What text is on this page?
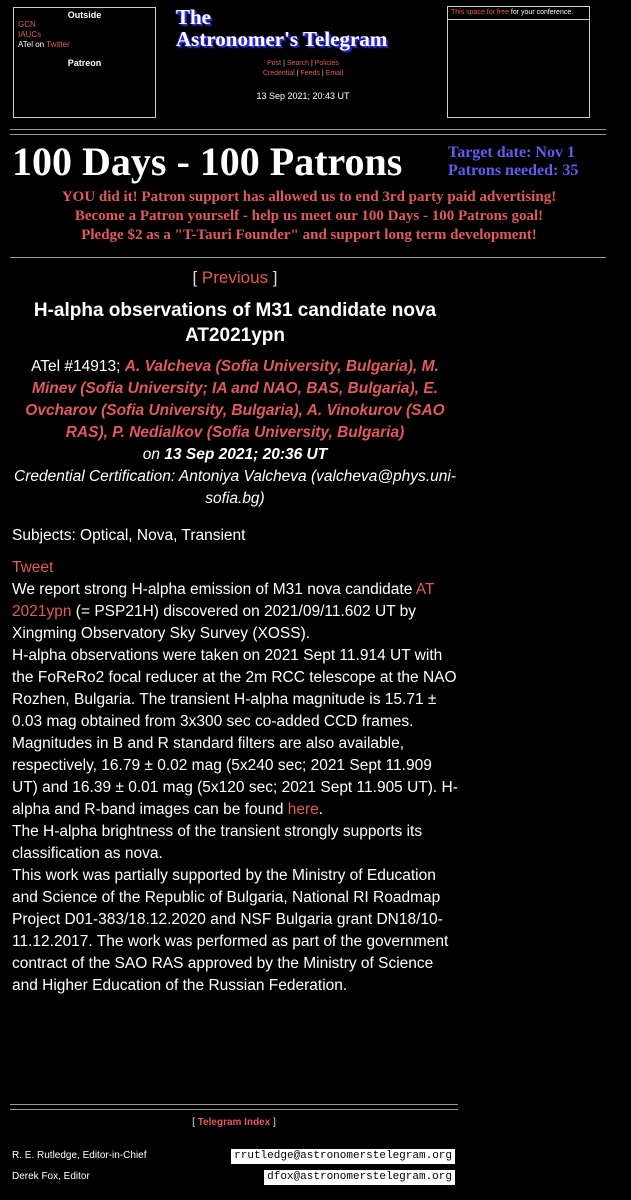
Outside
GCN
IAUCs
ATel on Twitter
Patreon
The
Astronomer's Telegram
Post | Search | Policies
Credential | Feeds | Email
13 Sep 2021; 20:43 UT
This space for free for your conference.
100 Days - 100 Patrons	Target date: Nov 1
Patrons needed: 35
YOU did it! Patron support has allowed us to end 3rd party paid advertising!
Become a Patron yourself - help us meet our 100 Days - 100 Patrons goal!
Pledge $2 as a "T-Tauri Founder" and support long term development!
[ Previous ]
H-alpha observations of M31 candidate nova AT2021ypn
ATel #14913; A. Valcheva (Sofia University, Bulgaria), M. Minev (Sofia University; IA and NAO, BAS, Bulgaria), E. Ovcharov (Sofia University, Bulgaria), A. Vinokurov (SAO RAS), P. Nedialkov (Sofia University, Bulgaria)
on 13 Sep 2021; 20:36 UT
Credential Certification: Antoniya Valcheva (valcheva@phys.uni-sofia.bg)

Subjects: Optical, Nova, Transient

Tweet

We report strong H-alpha emission of M31 nova candidate AT 2021ypn (= PSP21H) discovered on 2021/09/11.602 UT by Xingming Observatory Sky Survey (XOSS).

H-alpha observations were taken on 2021 Sept 11.914 UT with the FoReRo2 focal reducer at the 2m RCC telescope at the NAO Rozhen, Bulgaria. The transient H-alpha magnitude is 15.71 ± 0.03 mag obtained from 3x300 sec co-added CCD frames. Magnitudes in B and R standard filters are also available, respectively, 16.79 ± 0.02 mag (5x240 sec; 2021 Sept 11.909 UT) and 16.39 ± 0.01 mag (5x120 sec; 2021 Sept 11.905 UT). H-alpha and R-band images can be found here.

The H-alpha brightness of the transient strongly supports its classification as nova.

This work was partially supported by the Ministry of Education and Science of the Republic of Bulgaria, National RI Roadmap Project D01-383/18.12.2020 and NSF Bulgaria grant DN18/10-11.12.2017. The work was performed as part of the government contract of the SAO RAS approved by the Ministry of Science and Higher Education of the Russian Federation.

[ Telegram Index ]
R. E. Rutledge, Editor-in-Chief	rrutledge@astronomerstelegram.org
Derek Fox, Editor	dfox@astronomerstelegram.org
